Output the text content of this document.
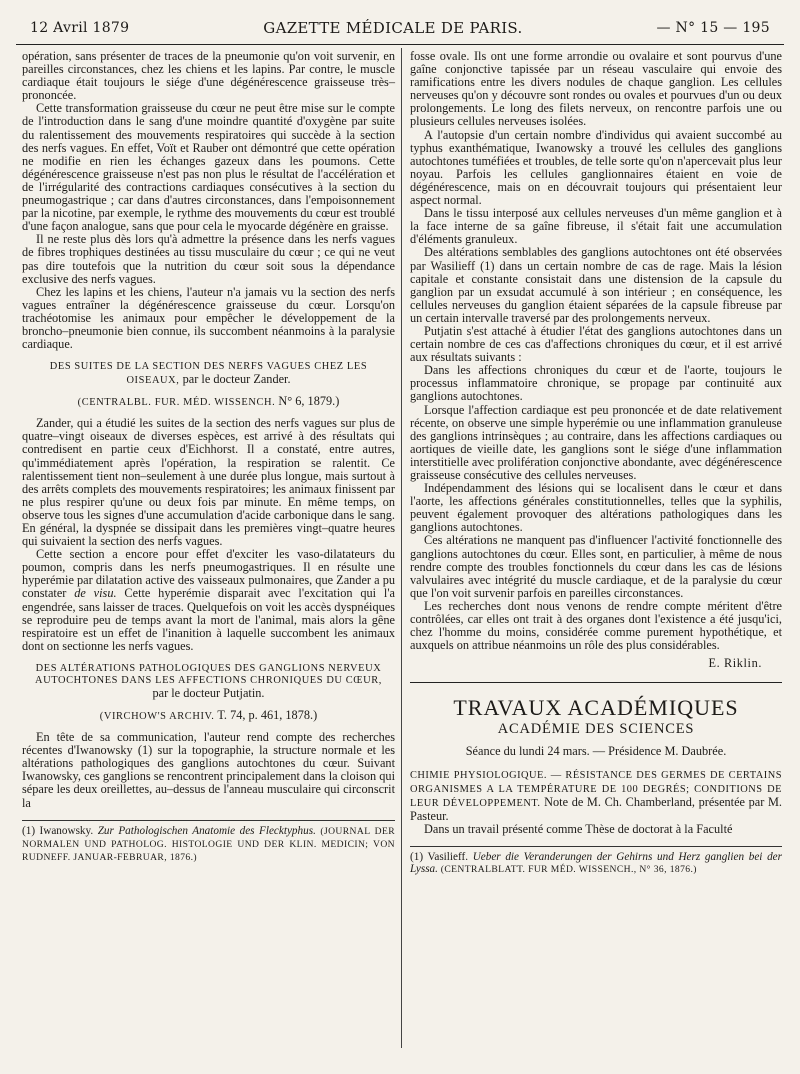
12 Avril 1879	GAZETTE MÉDICALE DE PARIS.	— N° 15 — 195

opération, sans présenter de traces de la pneumonie qu'on voit survenir, en pareilles circonstances, chez les chiens et les lapins. Par contre, le muscle cardiaque était toujours le siége d'une dégénérescence graisseuse très–prononcée.

Cette transformation graisseuse du cœur ne peut être mise sur le compte de l'introduction dans le sang d'une moindre quantité d'oxygène par suite du ralentissement des mouvements respiratoires qui succède à la section des nerfs vagues. En effet, Voït et Rauber ont démontré que cette opération ne modifie en rien les échanges gazeux dans les poumons. Cette dégénérescence graisseuse n'est pas non plus le résultat de l'accélération et de l'irrégularité des contractions cardiaques consécutives à la section du pneumogastrique ; car dans d'autres circonstances, dans l'empoisonnement par la nicotine, par exemple, le rythme des mouvements du cœur est troublé d'une façon analogue, sans que pour cela le myocarde dégénère en graisse.

Il ne reste plus dès lors qu'à admettre la présence dans les nerfs vagues de fibres trophiques destinées au tissu musculaire du cœur ; ce qui ne veut pas dire toutefois que la nutrition du cœur soit sous la dépendance exclusive des nerfs vagues.

Chez les lapins et les chiens, l'auteur n'a jamais vu la section des nerfs vagues entraîner la dégénérescence graisseuse du cœur. Lorsqu'on trachéotomise les animaux pour empêcher le développement de la broncho–pneumonie bien connue, ils succombent néanmoins à la paralysie cardiaque.

DES SUITES DE LA SECTION DES NERFS VAGUES CHEZ LES OISEAUX, par le docteur Zander.
(CENTRALBL. FUR. MÉD. WISSENCH. N° 6, 1879.)

Zander, qui a étudié les suites de la section des nerfs vagues sur plus de quatre–vingt oiseaux de diverses espèces, est arrivé à des résultats qui contredisent en partie ceux d'Eichhorst. Il a constaté, entre autres, qu'immédiatement après l'opération, la respiration se ralentit. Ce ralentissement tient non–seulement à une durée plus longue, mais surtout à des arrêts complets des mouvements respiratoires; les animaux finissent par ne plus respirer qu'une ou deux fois par minute. En même temps, on observe tous les signes d'une accumulation d'acide carbonique dans le sang. En général, la dyspnée se dissipait dans les premières vingt–quatre heures qui suivaient la section des nerfs vagues.

Cette section a encore pour effet d'exciter les vaso-dilatateurs du poumon, compris dans les nerfs pneumogastriques. Il en résulte une hyperémie par dilatation active des vaisseaux pulmonaires, que Zander a pu constater de visu. Cette hyperémie disparait avec l'excitation qui l'a engendrée, sans laisser de traces. Quelquefois on voit les accès dyspnéiques se reproduire peu de temps avant la mort de l'animal, mais alors la gêne respiratoire est un effet de l'inanition à laquelle succombent les animaux dont on sectionne les nerfs vagues.

DES ALTÉRATIONS PATHOLOGIQUES DES GANGLIONS NERVEUX AUTOCHTONES DANS LES AFFECTIONS CHRONIQUES DU CŒUR, par le docteur Putjatin.
(VIRCHOW'S ARCHIV. T. 74, p. 461, 1878.)

En tête de sa communication, l'auteur rend compte des recherches récentes d'Iwanowsky (1) sur la topographie, la structure normale et les altérations pathologiques des ganglions autochtones du cœur. Suivant Iwanowsky, ces ganglions se rencontrent principalement dans la cloison qui sépare les deux oreillettes, au–dessus de l'anneau musculaire qui circonscrit la

(1) Iwanowsky. Zur Pathologischen Anatomie des Flecktyphus. (JOURNAL DER NORMALEN UND PATHOLOG. HISTOLOGIE UND DER KLIN. MEDICIN; VON RUDNEFF. JANUAR-FEBRUAR, 1876.)

fosse ovale. Ils ont une forme arrondie ou ovalaire et sont pourvus d'une gaîne conjonctive tapissée par un réseau vasculaire qui envoie des ramifications entre les divers nodules de chaque ganglion. Les cellules nerveuses qu'on y découvre sont rondes ou ovales et pourvues d'un ou deux prolongements. Le long des filets nerveux, on rencontre parfois une ou plusieurs cellules nerveuses isolées.

A l'autopsie d'un certain nombre d'individus qui avaient succombé au typhus exanthématique, Iwanowsky a trouvé les cellules des ganglions autochtones tuméfiées et troubles, de telle sorte qu'on n'apercevait plus leur noyau. Parfois les cellules ganglionnaires étaient en voie de dégénérescence, mais on en découvrait toujours qui présentaient leur aspect normal.

Dans le tissu interposé aux cellules nerveuses d'un même ganglion et à la face interne de sa gaîne fibreuse, il s'était fait une accumulation d'éléments granuleux.

Des altérations semblables des ganglions autochtones ont été observées par Wasilieff (1) dans un certain nombre de cas de rage. Mais la lésion capitale et constante consistait dans une distension de la capsule du ganglion par un exsudat accumulé à son intérieur ; en conséquence, les cellules nerveuses du ganglion étaient séparées de la capsule fibreuse par un certain intervalle traversé par des prolongements nerveux.

Putjatin s'est attaché à étudier l'état des ganglions autochtones dans un certain nombre de ces cas d'affections chroniques du cœur, et il est arrivé aux résultats suivants :

Dans les affections chroniques du cœur et de l'aorte, toujours le processus inflammatoire chronique, se propage par continuité aux ganglions autochtones.

Lorsque l'affection cardiaque est peu prononcée et de date relativement récente, on observe une simple hyperémie ou une inflammation granuleuse des ganglions intrinsèques ; au contraire, dans les affections cardiaques ou aortiques de vieille date, les ganglions sont le siége d'une inflammation interstitielle avec prolifération conjonctive abondante, avec dégénérescence graisseuse consécutive des cellules nerveuses.

Indépendamment des lésions qui se localisent dans le cœur et dans l'aorte, les affections générales constitutionnelles, telles que la syphilis, peuvent également provoquer des altérations pathologiques dans les ganglions autochtones.

Ces altérations ne manquent pas d'influencer l'activité fonctionnelle des ganglions autochtones du cœur. Elles sont, en particulier, à même de nous rendre compte des troubles fonctionnels du cœur dans les cas de lésions valvulaires avec intégrité du muscle cardiaque, et de la paralysie du cœur que l'on voit survenir parfois en pareilles circonstances.

Les recherches dont nous venons de rendre compte méritent d'être contrôlées, car elles ont trait à des organes dont l'existence a été jusqu'ici, chez l'homme du moins, considérée comme purement hypothétique, et auxquels on attribue néanmoins un rôle des plus considérables.

E. Riklin.
TRAVAUX ACADÉMIQUES
ACADÉMIE DES SCIENCES
Séance du lundi 24 mars. — Présidence M. Daubrée.

CHIMIE PHYSIOLOGIQUE. — RÉSISTANCE DES GERMES DE CERTAINS ORGANISMES A LA TEMPÉRATURE DE 100 DEGRÉS; CONDITIONS DE LEUR DÉVELOPPEMENT. Note de M. Ch. Chamberland, présentée par M. Pasteur.

Dans un travail présenté comme Thèse de doctorat à la Faculté

(1) Vasilieff. Ueber die Veranderungen der Gehirns und Herz ganglien bei der Lyssa. (CENTRALBLATT. FUR MÉD. WISSENCH., N° 36, 1876.)
